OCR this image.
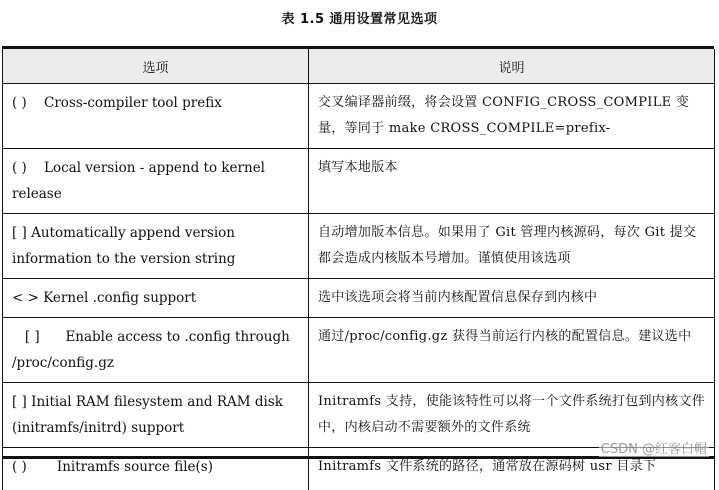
表 1.5 通用设置常见选项
选项	说明
( )    Cross-compiler tool prefix	交叉编译器前缀，将会设置 CONFIG_CROSS_COMPILE 变量，等同于 make CROSS_COMPILE=prefix-
( )    Local version - append to kernel release	填写本地版本
[ ] Automatically append version information to the version string	自动增加版本信息。如果用了 Git 管理内核源码，每次 Git 提交都会造成内核版本号增加。谨慎使用该选项
< > Kernel .config support	选中该选项会将当前内核配置信息保存到内核中
[ ]      Enable access to .config through /proc/config.gz	通过/proc/config.gz 获得当前运行内核的配置信息。建议选中
[ ] Initial RAM filesystem and RAM disk (initramfs/initrd) support	Initramfs 支持，使能该特性可以将一个文件系统打包到内核文件中，内核启动不需要额外的文件系统
( )       Initramfs source file(s)	Initramfs 文件系统的路径，通常放在源码树 usr 目录下
CSDN @红客白帽
